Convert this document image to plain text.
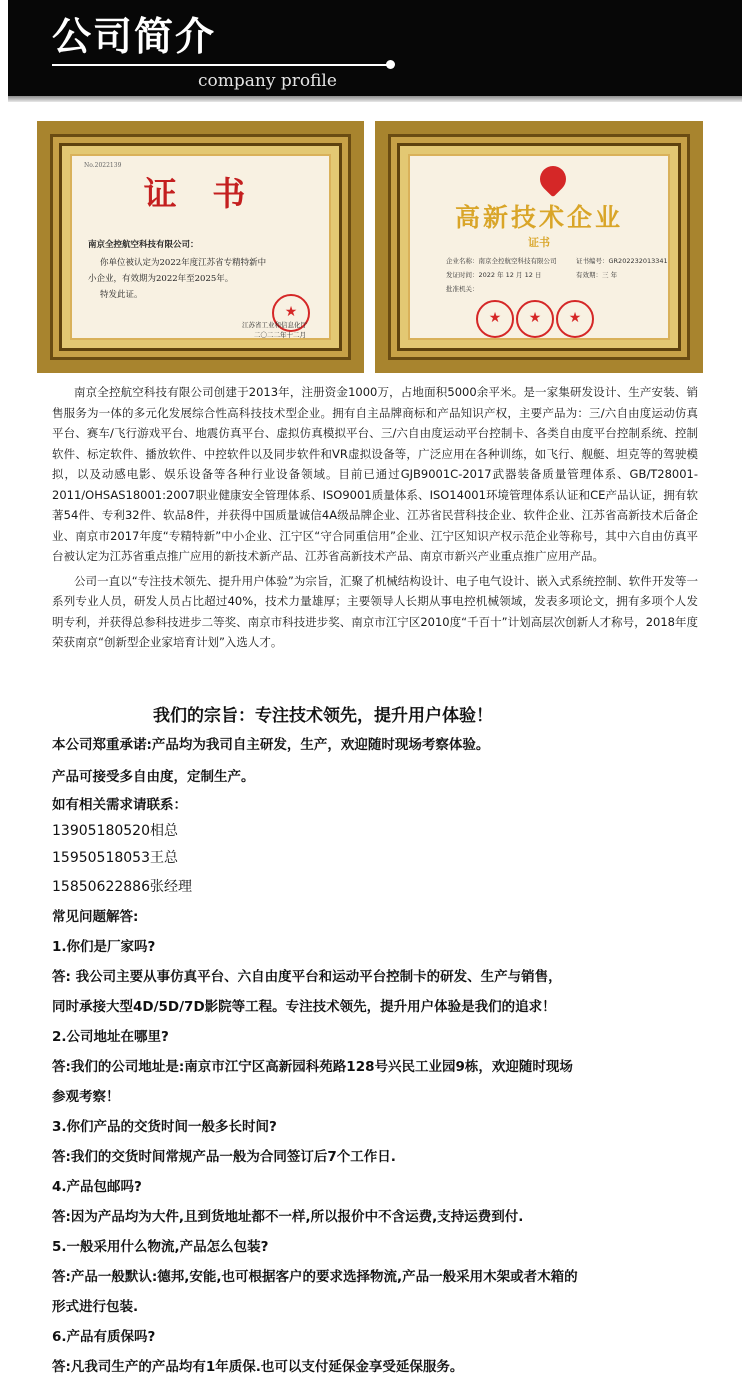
公司简介
company profile
No.2022139
证 书
南京全控航空科技有限公司：
你单位被认定为2022年度江苏省专精特新中
小企业，有效期为2022年至2025年。
特发此证。
★
江苏省工业和信息化厅
二〇二二年十二月
高新技术企业
证书
企业名称：南京全控航空科技有限公司	证书编号：GR202232013341
发证时间：2022 年 12 月 12 日	有效期：三 年
批准机关：
★	★	★

南京全控航空科技有限公司创建于2013年，注册资金1000万，占地面积5000余平米。是一家集研发设计、生产安装、销售服务为一体的多元化发展综合性高科技技术型企业。拥有自主品牌商标和产品知识产权，主要产品为：三/六自由度运动仿真平台、赛车/飞行游戏平台、地震仿真平台、虚拟仿真模拟平台、三/六自由度运动平台控制卡、各类自由度平台控制系统、控制软件、标定软件、播放软件、中控软件以及同步软件和VR虚拟设备等，广泛应用在各种训练，如飞行、舰艇、坦克等的驾驶模拟，以及动感电影、娱乐设备等各种行业设备领域。目前已通过GJB9001C-2017武器装备质量管理体系、GB/T28001-2011/OHSAS18001:2007职业健康安全管理体系、ISO9001质量体系、ISO14001环境管理体系认证和CE产品认证，拥有软著54件、专利32件、软品8件，并获得中国质量诚信4A级品牌企业、江苏省民营科技企业、软件企业、江苏省高新技术后备企业、南京市2017年度“专精特新”中小企业、江宁区“守合同重信用”企业、江宁区知识产权示范企业等称号，其中六自由仿真平台被认定为江苏省重点推广应用的新技术新产品、江苏省高新技术产品、南京市新兴产业重点推广应用产品。

公司一直以“专注技术领先、提升用户体验”为宗旨，汇聚了机械结构设计、电子电气设计、嵌入式系统控制、软件开发等一系列专业人员，研发人员占比超过40%，技术力量雄厚；主要领导人长期从事电控机械领域，发表多项论文，拥有多项个人发明专利，并获得总参科技进步二等奖、南京市科技进步奖、南京市江宁区2010度“千百十”计划高层次创新人才称号，2018年度荣获南京“创新型企业家培育计划”入选人才。

我们的宗旨：专注技术领先，提升用户体验！
本公司郑重承诺:产品均为我司自主研发，生产，欢迎随时现场考察体验。
产品可接受多自由度，定制生产。
如有相关需求请联系：
13905180520相总
15950518053王总
15850622886张经理
常见问题解答:
1.你们是厂家吗?
答: 我公司主要从事仿真平台、六自由度平台和运动平台控制卡的研发、生产与销售，
同时承接大型4D/5D/7D影院等工程。专注技术领先，提升用户体验是我们的追求！
2.公司地址在哪里?
答:我们的公司地址是:南京市江宁区高新园科苑路128号兴民工业园9栋，欢迎随时现场
参观考察！
3.你们产品的交货时间一般多长时间?
答:我们的交货时间常规产品一般为合同签订后7个工作日.
4.产品包邮吗?
答:因为产品均为大件,且到货地址都不一样,所以报价中不含运费,支持运费到付.
5.一般采用什么物流,产品怎么包装?
答:产品一般默认:德邦,安能,也可根据客户的要求选择物流,产品一般采用木架或者木箱的
形式进行包装.
6.产品有质保吗?
答:凡我司生产的产品均有1年质保.也可以支付延保金享受延保服务。
